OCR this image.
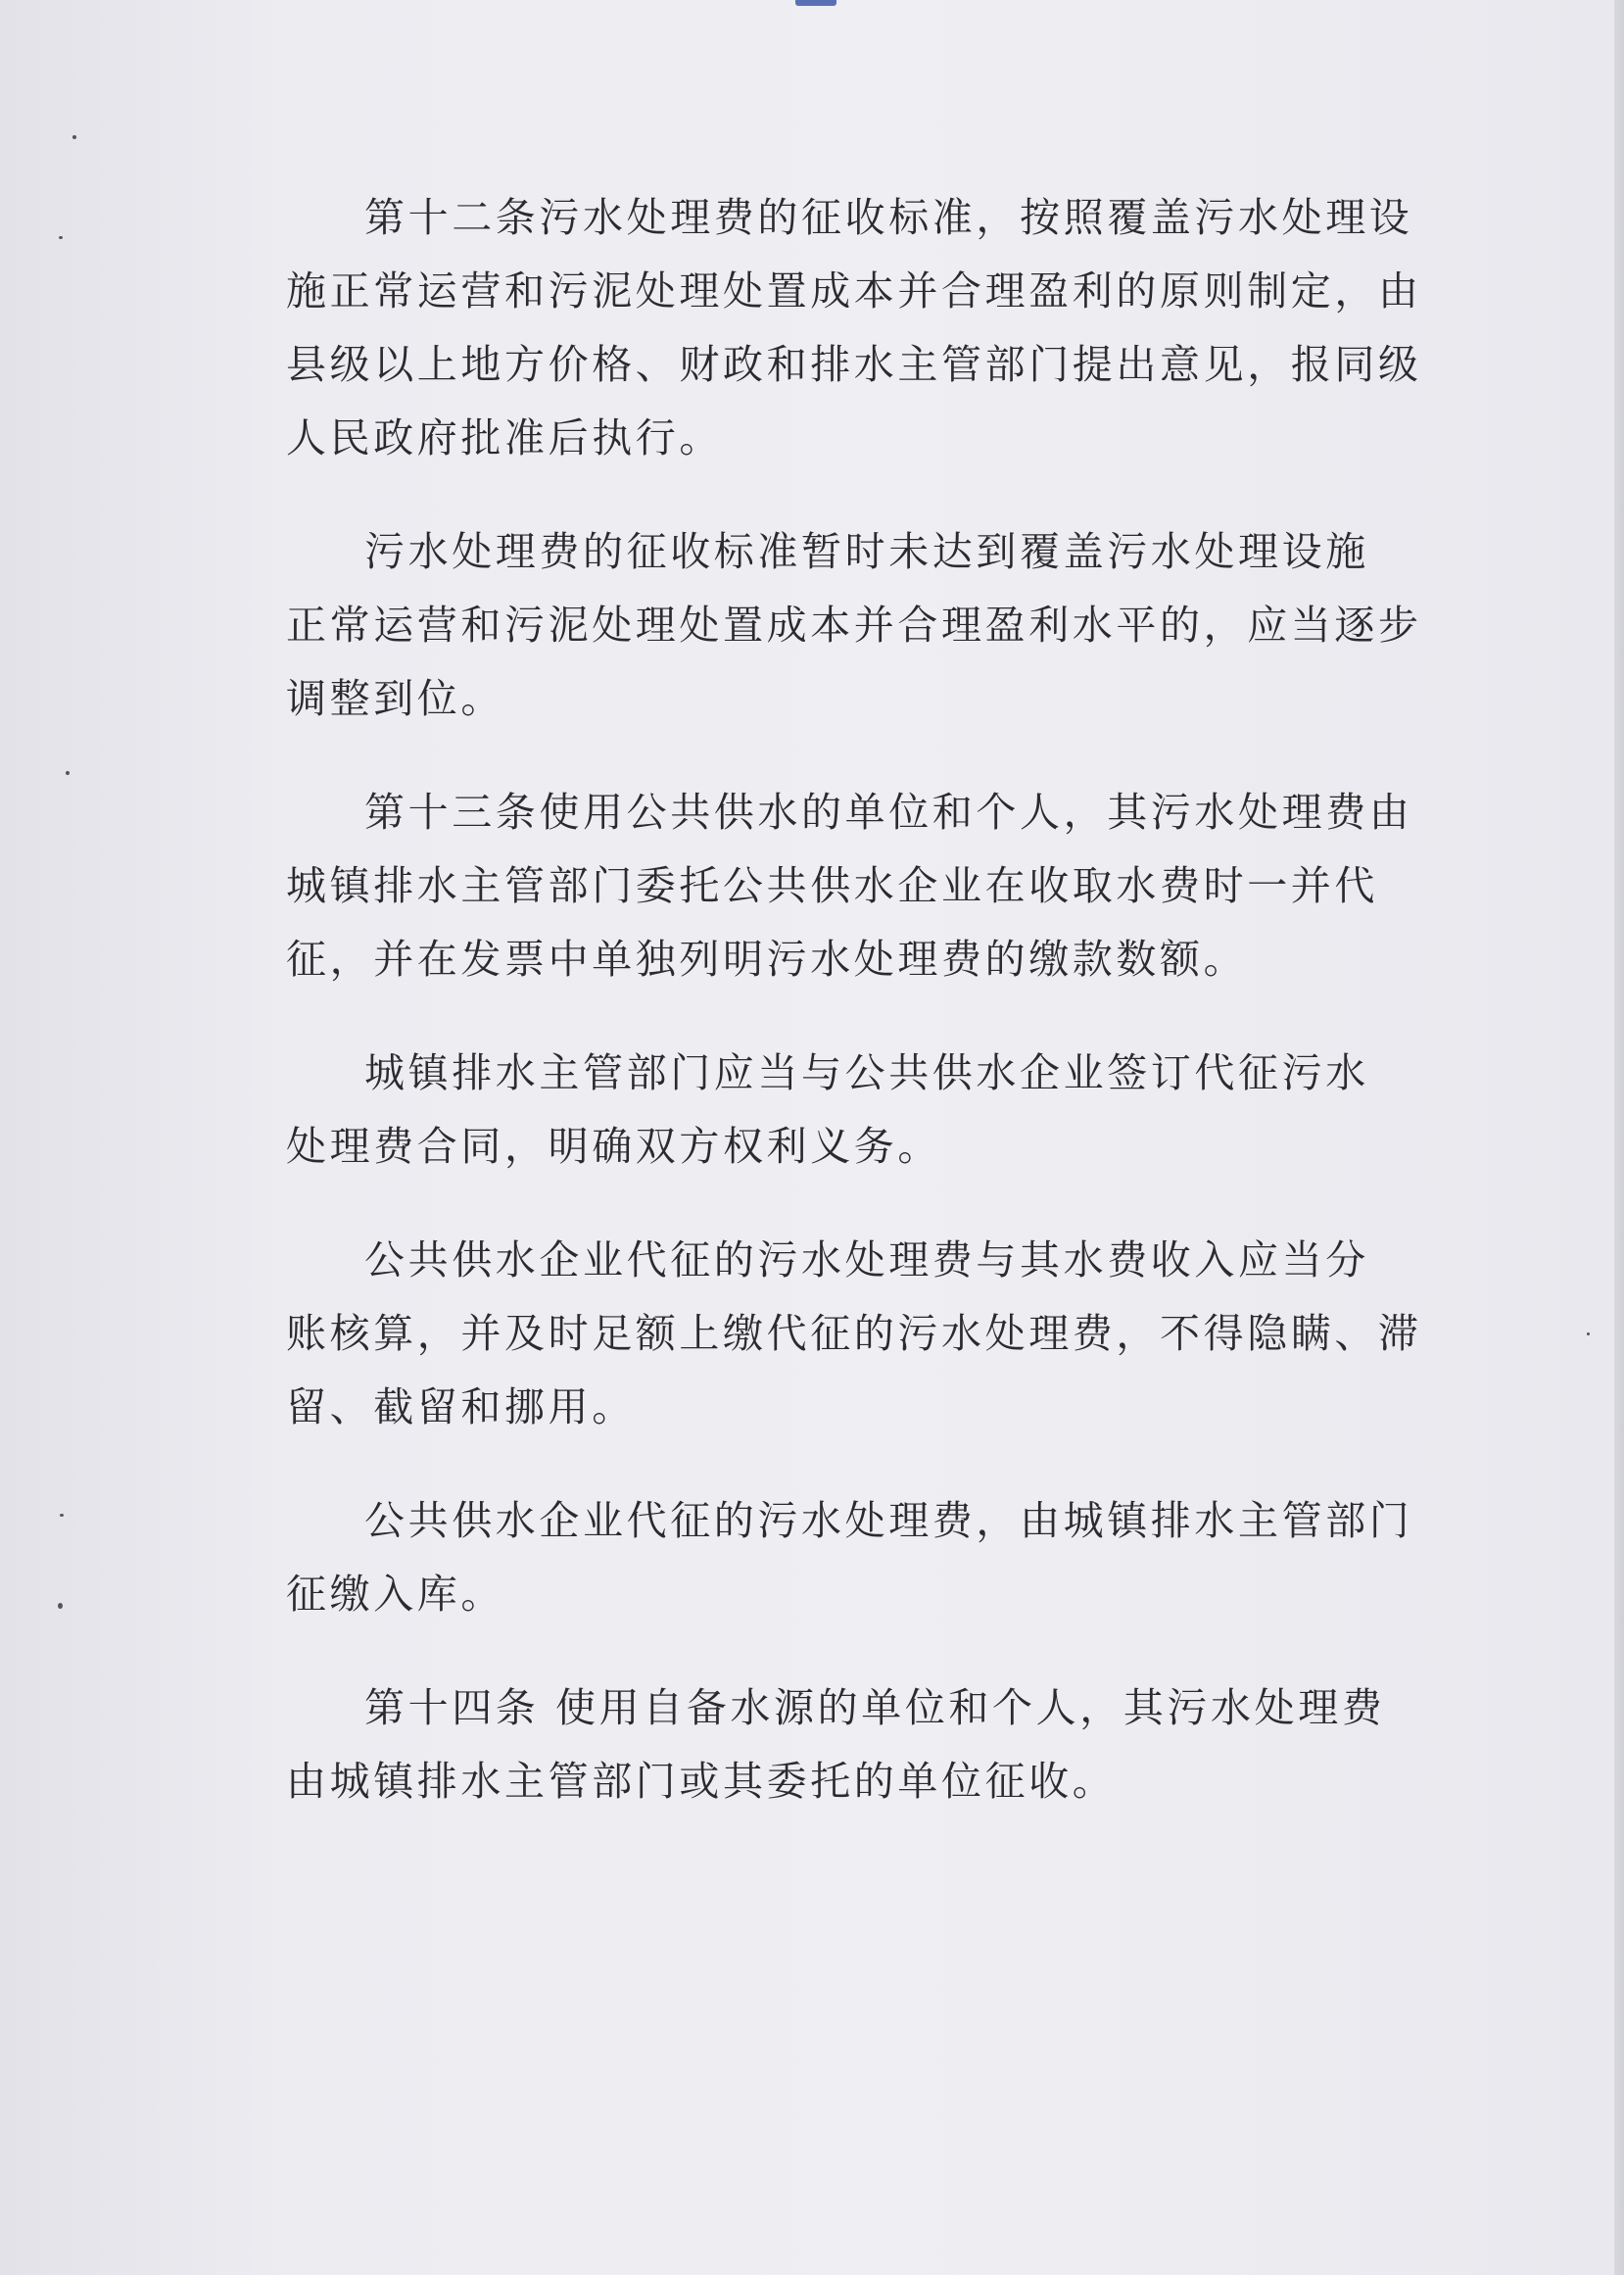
第十二条污水处理费的征收标准，按照覆盖污水处理设
施正常运营和污泥处理处置成本并合理盈利的原则制定，由
县级以上地方价格、财政和排水主管部门提出意见，报同级
人民政府批准后执行。
污水处理费的征收标准暂时未达到覆盖污水处理设施
正常运营和污泥处理处置成本并合理盈利水平的，应当逐步
调整到位。
第十三条使用公共供水的单位和个人，其污水处理费由
城镇排水主管部门委托公共供水企业在收取水费时一并代
征，并在发票中单独列明污水处理费的缴款数额。
城镇排水主管部门应当与公共供水企业签订代征污水
处理费合同，明确双方权利义务。
公共供水企业代征的污水处理费与其水费收入应当分
账核算，并及时足额上缴代征的污水处理费，不得隐瞒、滞
留、截留和挪用。
公共供水企业代征的污水处理费，由城镇排水主管部门
征缴入库。
第十四条 使用自备水源的单位和个人，其污水处理费
由城镇排水主管部门或其委托的单位征收。
